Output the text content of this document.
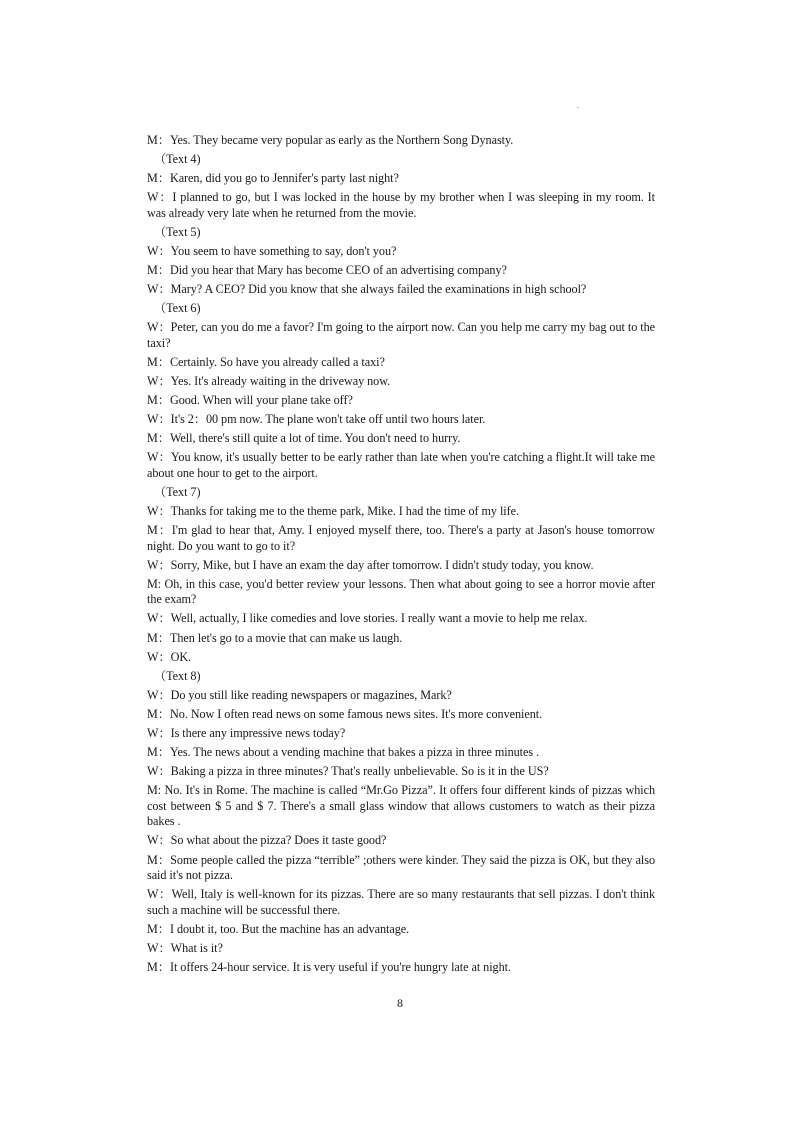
M：Yes. They became very popular as early as the Northern Song Dynasty.
（Text 4)
M：Karen, did you go to Jennifer's party last night?
W：I planned to go, but I was locked in the house by my brother when I was sleeping in my room. It was already very late when he returned from the movie.
（Text 5)
W：You seem to have something to say, don't you?
M：Did you hear that Mary has become CEO of an advertising company?
W：Mary? A CEO? Did you know that she always failed the examinations in high school?
（Text 6)
W：Peter, can you do me a favor? I'm going to the airport now. Can you help me carry my bag out to the taxi?
M：Certainly. So have you already called a taxi?
W：Yes. It's already waiting in the driveway now.
M：Good. When will your plane take off?
W：It's 2：00 pm now. The plane won't take off until two hours later.
M：Well, there's still quite a lot of time. You don't need to hurry.
W：You know, it's usually better to be early rather than late when you're catching a flight.It will take me about one hour to get to the airport.
（Text 7)
W：Thanks for taking me to the theme park, Mike. I had the time of my life.
M：I'm glad to hear that, Amy. I enjoyed myself there, too. There's a party at Jason's house tomorrow night. Do you want to go to it?
W：Sorry, Mike, but I have an exam the day after tomorrow. I didn't study today, you know.
M: Oh, in this case, you'd better review your lessons. Then what about going to see a horror movie after the exam?
W：Well, actually, I like comedies and love stories. I really want a movie to help me relax.
M：Then let's go to a movie that can make us laugh.
W：OK.
（Text 8)
W：Do you still like reading newspapers or magazines, Mark?
M：No. Now I often read news on some famous news sites. It's more convenient.
W：Is there any impressive news today?
M：Yes. The news about a vending machine that bakes a pizza in three minutes .
W：Baking a pizza in three minutes? That's really unbelievable. So is it in the US?
M: No. It's in Rome. The machine is called “Mr.Go Pizza”. It offers four different kinds of pizzas which cost between $ 5 and $ 7. There's a small glass window that allows customers to watch as their pizza bakes .
W：So what about the pizza? Does it taste good?
M：Some people called the pizza “terrible” ;others were kinder. They said the pizza is OK, but they also said it's not pizza.
W：Well, Italy is well-known for its pizzas. There are so many restaurants that sell pizzas. I don't think such a machine will be successful there.
M：I doubt it, too. But the machine has an advantage.
W：What is it?
M：It offers 24-hour service. It is very useful if you're hungry late at night.
8
